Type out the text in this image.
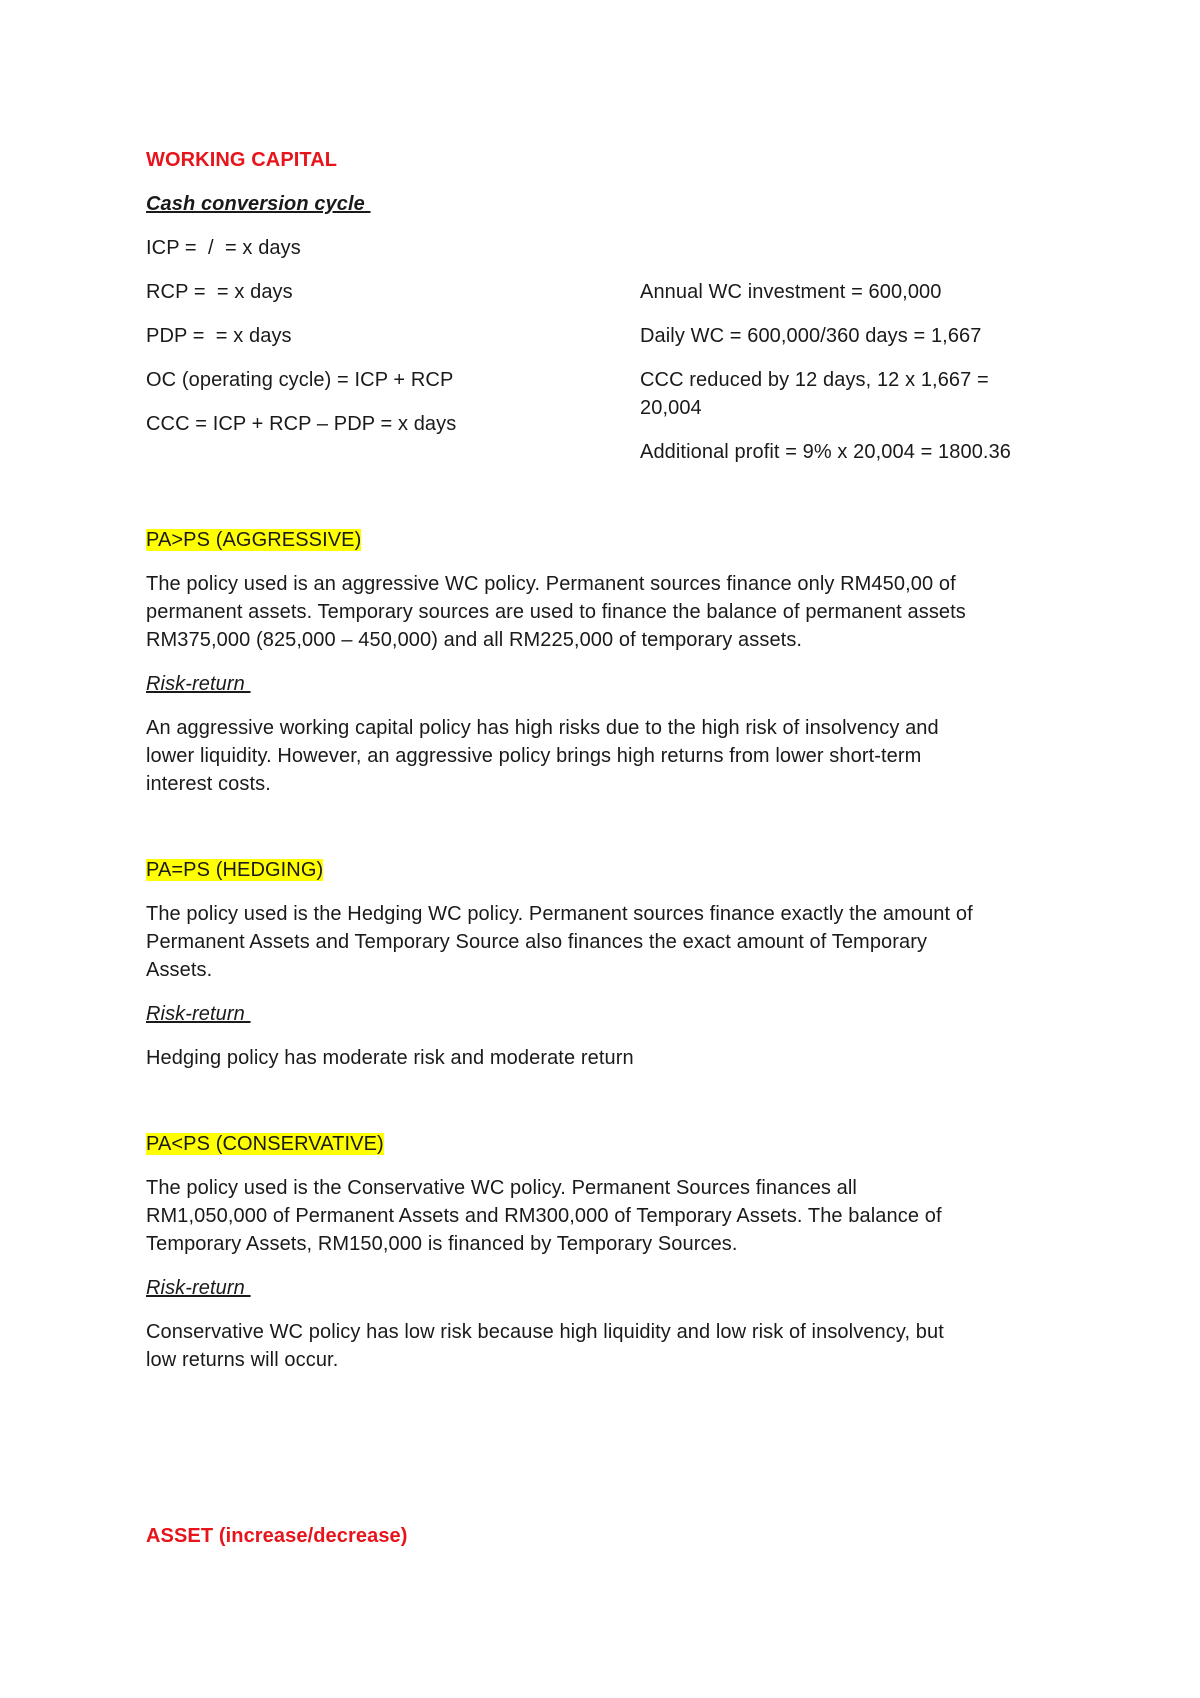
WORKING CAPITAL

Cash conversion cycle

ICP =  /  = x days

RCP =  = x days

PDP =  = x days

OC (operating cycle) = ICP + RCP

CCC = ICP + RCP – PDP = x days

Annual WC investment = 600,000

Daily WC = 600,000/360 days = 1,667

CCC reduced by 12 days, 12 x 1,667 =

20,004

Additional profit = 9% x 20,004 = 1800.36

PA>PS (AGGRESSIVE)

The policy used is an aggressive WC policy. Permanent sources finance only RM450,00 of

permanent assets. Temporary sources are used to finance the balance of permanent assets

RM375,000 (825,000 – 450,000) and all RM225,000 of temporary assets.

Risk-return

An aggressive working capital policy has high risks due to the high risk of insolvency and

lower liquidity. However, an aggressive policy brings high returns from lower short-term

interest costs.

PA=PS (HEDGING)

The policy used is the Hedging WC policy. Permanent sources finance exactly the amount of

Permanent Assets and Temporary Source also finances the exact amount of Temporary

Assets.

Risk-return

Hedging policy has moderate risk and moderate return

PA<PS (CONSERVATIVE)

The policy used is the Conservative WC policy. Permanent Sources finances all

RM1,050,000 of Permanent Assets and RM300,000 of Temporary Assets. The balance of

Temporary Assets, RM150,000 is financed by Temporary Sources.

Risk-return

Conservative WC policy has low risk because high liquidity and low risk of insolvency, but

low returns will occur.

ASSET (increase/decrease)
